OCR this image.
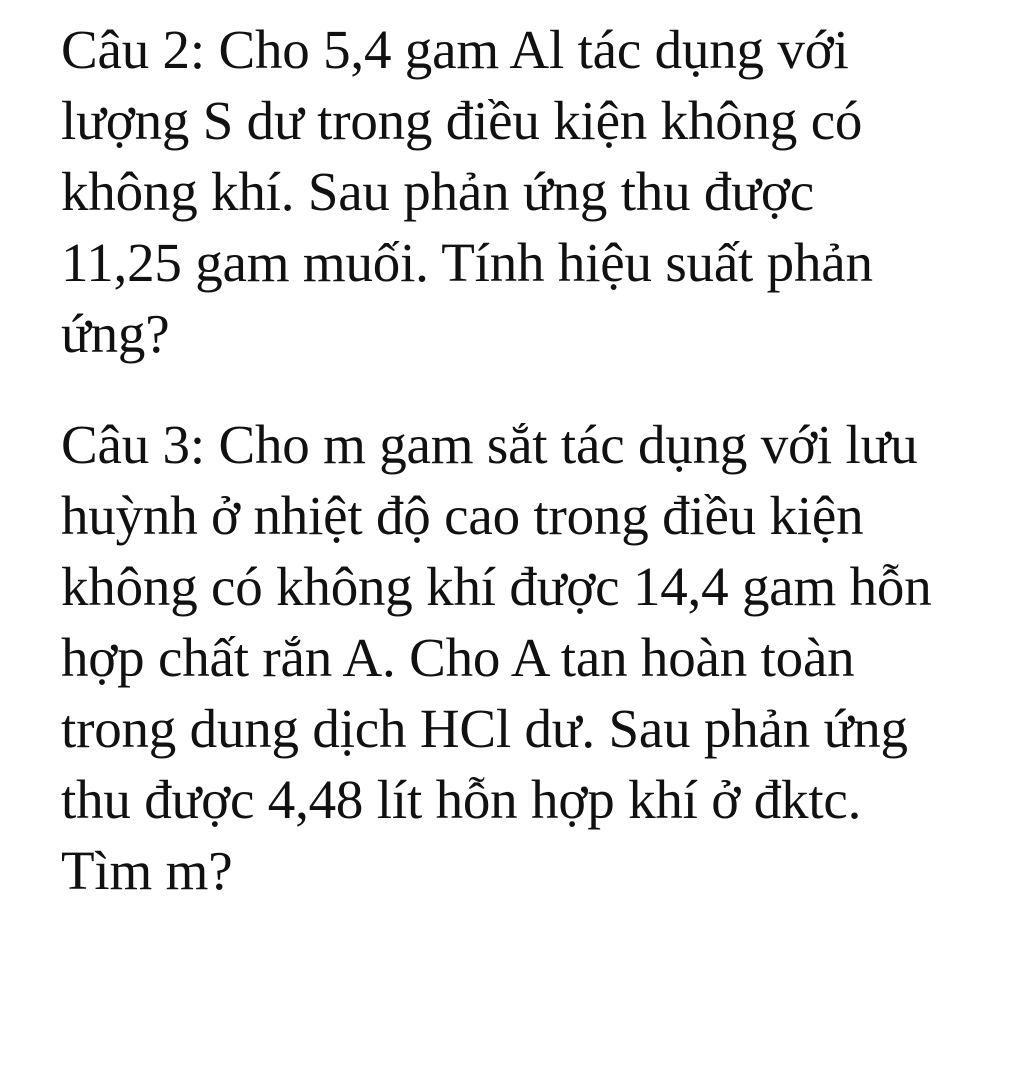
Câu 2: Cho 5,4 gam Al tác dụng với
lượng S dư trong điều kiện không có
không khí. Sau phản ứng thu được
11,25 gam muối. Tính hiệu suất phản
ứng?
Câu 3: Cho m gam sắt tác dụng với lưu
huỳnh ở nhiệt độ cao trong điều kiện
không có không khí được 14,4 gam hỗn
hợp chất rắn A. Cho A tan hoàn toàn
trong dung dịch HCl dư. Sau phản ứng
thu được 4,48 lít hỗn hợp khí ở đktc.
Tìm m?
